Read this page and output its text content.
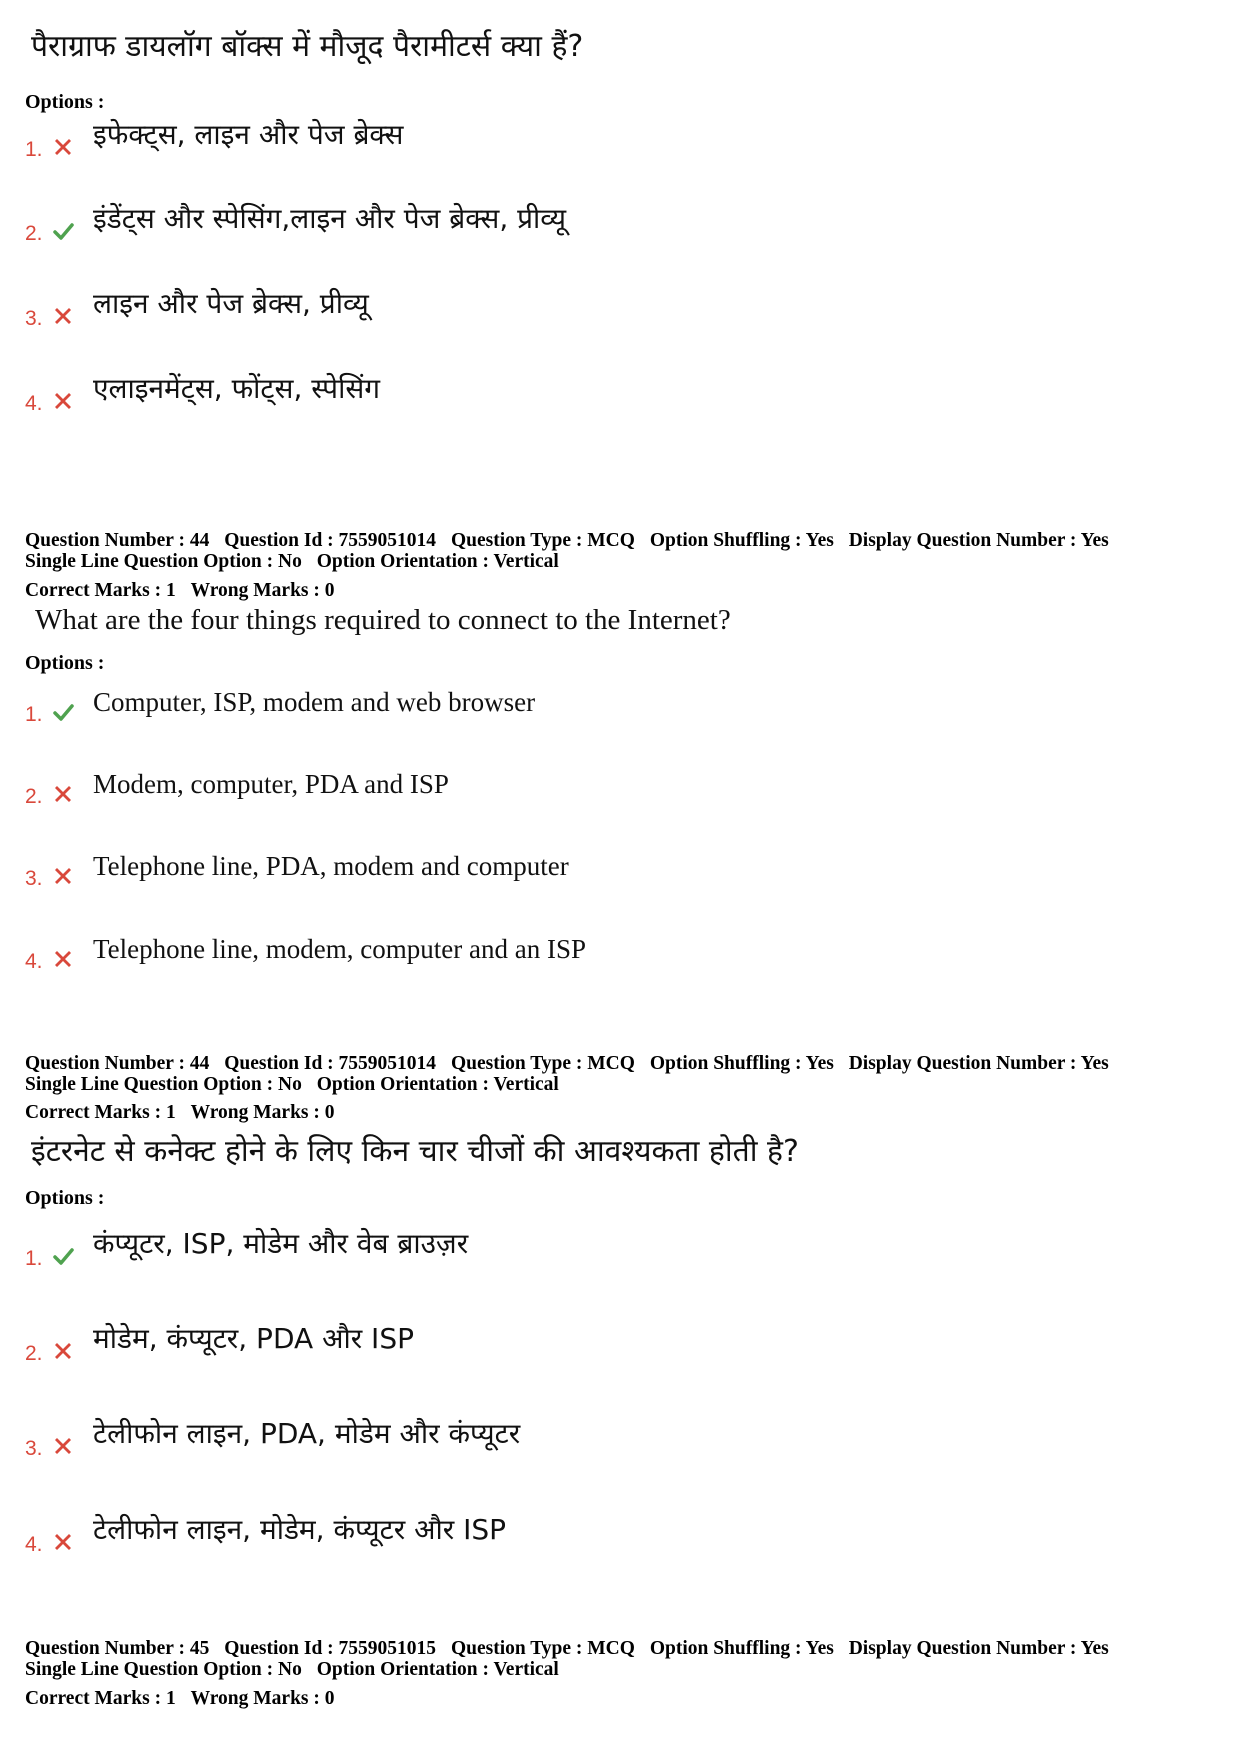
पैराग्राफ डायलॉग बॉक्स में मौजूद पैरामीटर्स क्या हैं?
Options :
1. इफेक्ट्स, लाइन और पेज ब्रेक्स
2. इंडेंट्स और स्पेसिंग,लाइन और पेज ब्रेक्स, प्रीव्यू
3. लाइन और पेज ब्रेक्स, प्रीव्यू
4. एलाइनमेंट्स, फोंट्स, स्पेसिंग
Question Number : 44 Question Id : 7559051014 Question Type : MCQ Option Shuffling : Yes Display Question Number : Yes
Single Line Question Option : No Option Orientation : Vertical
Correct Marks : 1 Wrong Marks : 0
What are the four things required to connect to the Internet?
Options :
1. Computer, ISP, modem and web browser
2. Modem, computer, PDA and ISP
3. Telephone line, PDA, modem and computer
4. Telephone line, modem, computer and an ISP
Question Number : 44 Question Id : 7559051014 Question Type : MCQ Option Shuffling : Yes Display Question Number : Yes
Single Line Question Option : No Option Orientation : Vertical
Correct Marks : 1 Wrong Marks : 0
इंटरनेट से कनेक्ट होने के लिए किन चार चीजों की आवश्यकता होती है?
Options :
1. कंप्यूटर, ISP, मोडेम और वेब ब्राउज़र
2. मोडेम, कंप्यूटर, PDA और ISP
3. टेलीफोन लाइन, PDA, मोडेम और कंप्यूटर
4. टेलीफोन लाइन, मोडेम, कंप्यूटर और ISP
Question Number : 45 Question Id : 7559051015 Question Type : MCQ Option Shuffling : Yes Display Question Number : Yes
Single Line Question Option : No Option Orientation : Vertical
Correct Marks : 1 Wrong Marks : 0
